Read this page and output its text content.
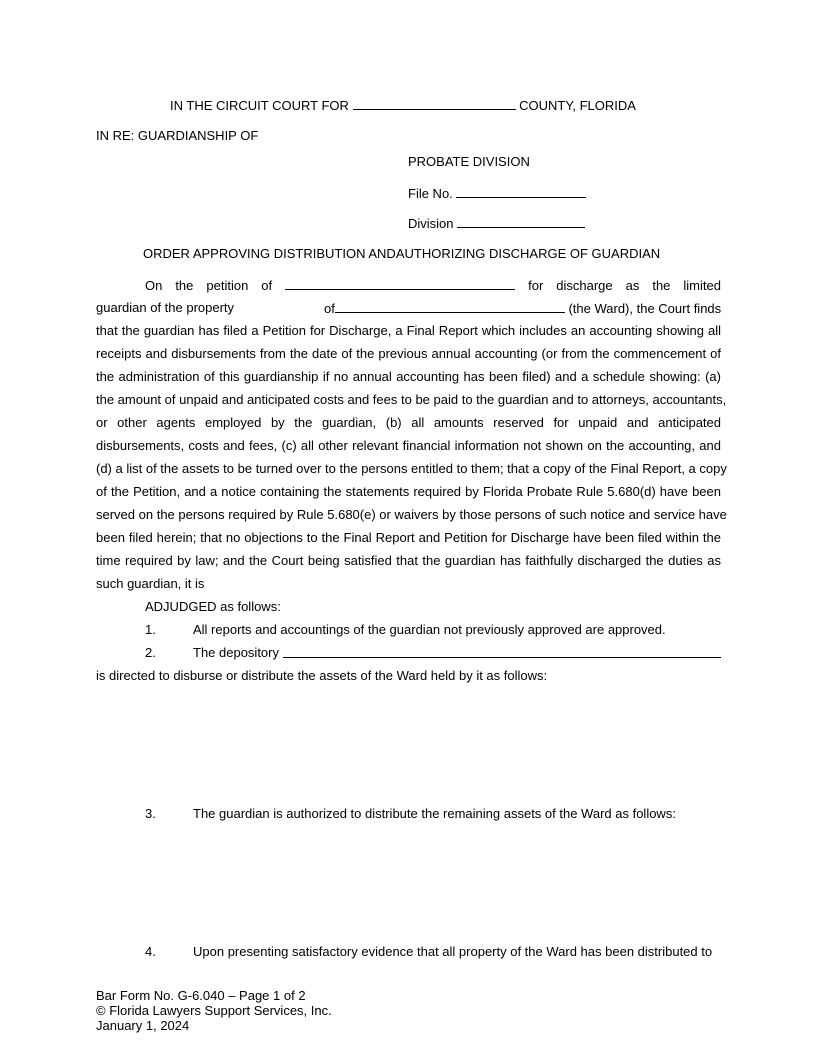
IN THE CIRCUIT COURT FOR	COUNTY, FLORIDA
IN RE: GUARDIANSHIP OF
PROBATE DIVISION
File No.
Division
ORDER APPROVING DISTRIBUTION ANDAUTHORIZING DISCHARGE OF GUARDIAN
On the petition of	for discharge as the limited
guardian of the property	of	(the Ward), the Court finds
that the guardian has filed a Petition for Discharge, a Final Report which includes an accounting showing all
receipts and disbursements from the date of the previous annual accounting (or from the commencement of
the administration of this guardianship if no annual accounting has been filed) and a schedule showing: (a)
the amount of unpaid and anticipated costs and fees to be paid to the guardian and to attorneys, accountants,
or other agents employed by the guardian, (b) all amounts reserved for unpaid and anticipated
disbursements, costs and fees, (c) all other relevant financial information not shown on the accounting, and
(d) a list of the assets to be turned over to the persons entitled to them; that a copy of the Final Report, a copy
of the Petition, and a notice containing the statements required by Florida Probate Rule 5.680(d) have been
served on the persons required by Rule 5.680(e) or waivers by those persons of such notice and service have
been filed herein; that no objections to the Final Report and Petition for Discharge have been filed within the
time required by law; and the Court being satisfied that the guardian has faithfully discharged the duties as
such guardian, it is
ADJUDGED as follows:
1.	All reports and accountings of the guardian not previously approved are approved.
2.	The depository
is directed to disburse or distribute the assets of the Ward held by it as follows:
3.	The guardian is authorized to distribute the remaining assets of the Ward as follows:
4.	Upon presenting satisfactory evidence that all property of the Ward has been distributed to
Bar Form No. G-6.040 – Page 1 of 2
© Florida Lawyers Support Services, Inc.
January 1, 2024
